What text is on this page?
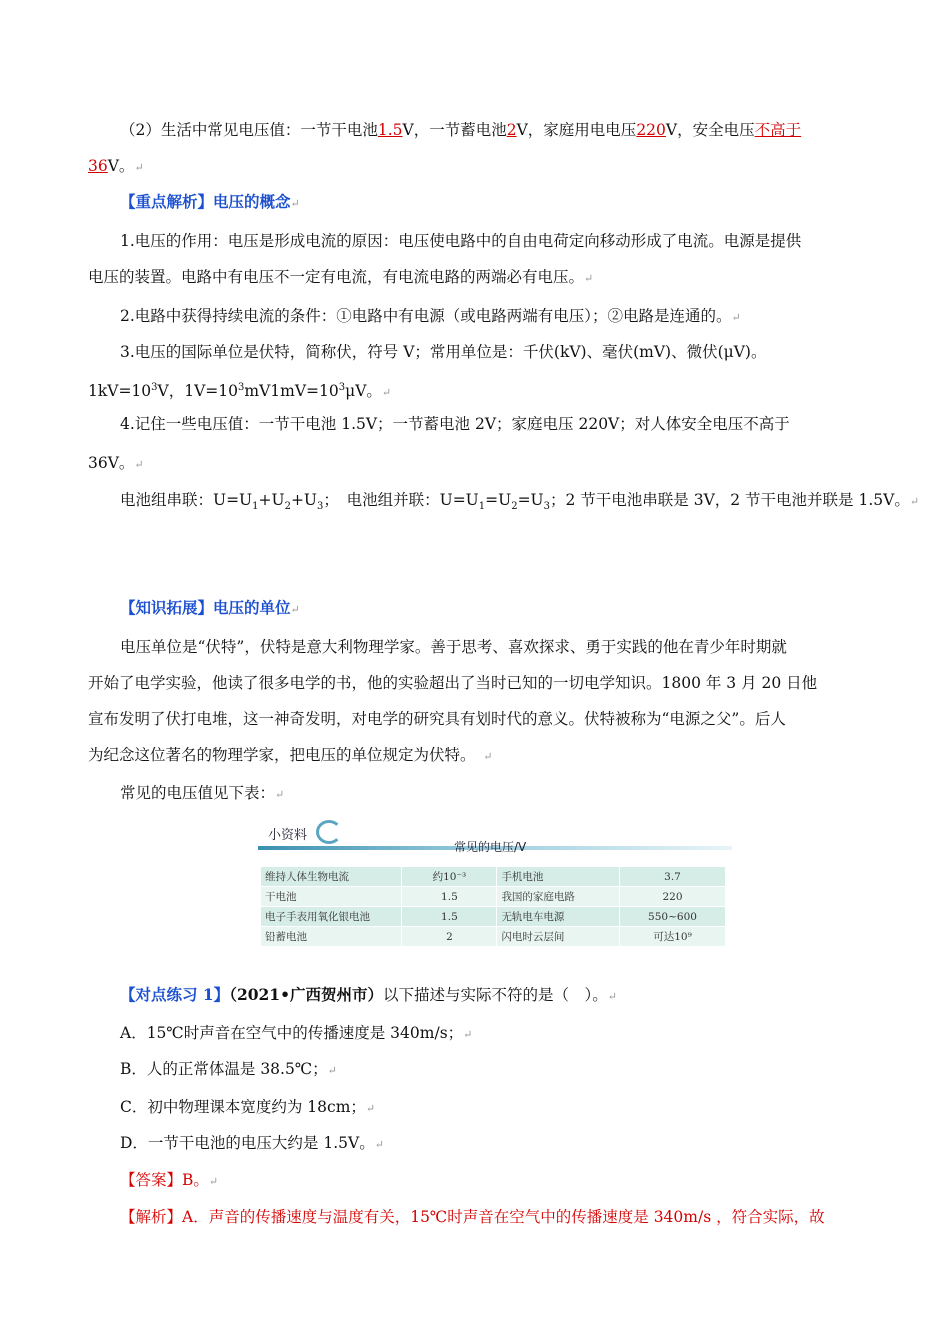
（2）生活中常见电压值：一节干电池1.5V，一节蓄电池2V，家庭用电电压220V，安全电压不高于
36V。↵
【重点解析】电压的概念↵
1.电压的作用：电压是形成电流的原因：电压使电路中的自由电荷定向移动形成了电流。电源是提供
电压的装置。电路中有电压不一定有电流，有电流电路的两端必有电压。↵
2.电路中获得持续电流的条件：①电路中有电源（或电路两端有电压）；②电路是连通的。↵
3.电压的国际单位是伏特，简称伏，符号 V；常用单位是：千伏(kV)、毫伏(mV)、微伏(μV)。
$1kV=10^3V$，$1V=10^3mV1mV=10^3\mu V$。↵
4.记住一些电压值：一节干电池 1.5V；一节蓄电池 2V；家庭电压 220V；对人体安全电压不高于
36V。↵
电池组串联：$U=U_1+U_2+U_3$；　电池组并联：$U=U_1=U_2=U_3$；2 节干电池串联是 3V，2 节干电池并联是 1.5V。↵
【知识拓展】电压的单位↵
电压单位是“伏特”，伏特是意大利物理学家。善于思考、喜欢探求、勇于实践的他在青少年时期就
开始了电学实验，他读了很多电学的书，他的实验超出了当时已知的一切电学知识。1800 年 3 月 20 日他
宣布发明了伏打电堆，这一神奇发明，对电学的研究具有划时代的意义。伏特被称为“电源之父”。后人
为纪念这位著名的物理学家，把电压的单位规定为伏特。　 ↵
常见的电压值见下表：↵
小资料
常见的电压/V
维持人体生物电流	约10⁻³	手机电池	3.7
干电池	1.5	我国的家庭电路	220
电子手表用氧化银电池	1.5	无轨电车电源	550~600
铅蓄电池	2	闪电时云层间	可达10⁹
【对点练习 1】（2021•广西贺州市）以下描述与实际不符的是（　）。↵
A．15℃时声音在空气中的传播速度是 340m/s；↵
B．人的正常体温是 38.5℃；↵
C．初中物理课本宽度约为 18cm；↵
D．一节干电池的电压大约是 1.5V。↵
【答案】B。↵
【解析】A．声音的传播速度与温度有关，15℃时声音在空气中的传播速度是 340m/s ，符合实际，故
